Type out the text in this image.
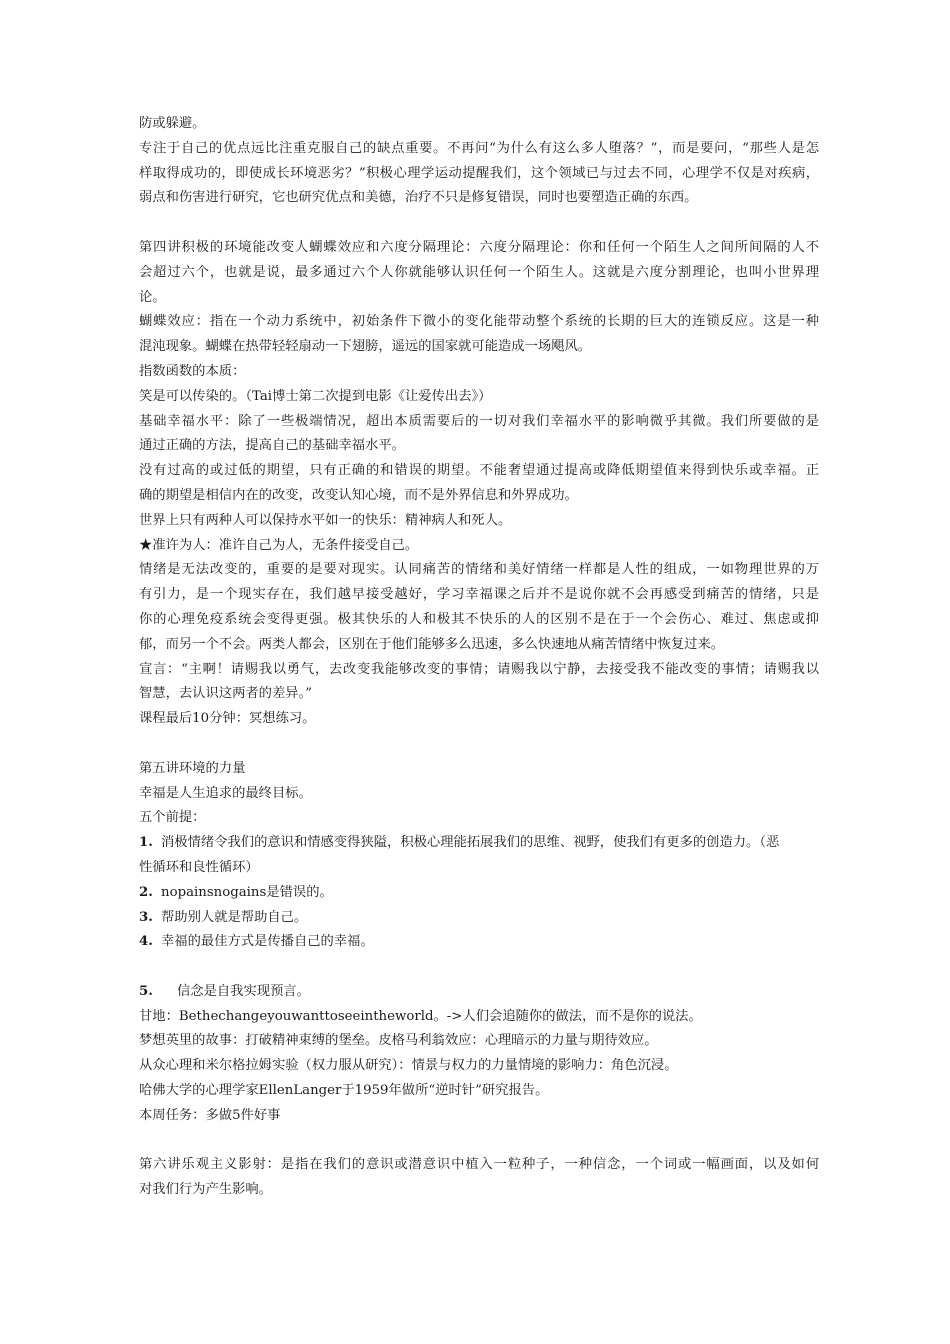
防或躲避。
专注于自己的优点远比注重克服自己的缺点重要。不再问“为什么有这么多人堕落？”，而是要问，“那些人是怎
样取得成功的，即使成长环境恶劣？”积极心理学运动提醒我们，这个领域已与过去不同，心理学不仅是对疾病，
弱点和伤害进行研究，它也研究优点和美德，治疗不只是修复错误，同时也要塑造正确的东西。
第四讲积极的环境能改变人蝴蝶效应和六度分隔理论：六度分隔理论：你和任何一个陌生人之间所间隔的人不
会超过六个，也就是说，最多通过六个人你就能够认识任何一个陌生人。这就是六度分割理论，也叫小世界理
论。
蝴蝶效应：指在一个动力系统中，初始条件下微小的变化能带动整个系统的长期的巨大的连锁反应。这是一种
混沌现象。蝴蝶在热带轻轻扇动一下翅膀，遥远的国家就可能造成一场飓风。
指数函数的本质：
笑是可以传染的。（Tai博士第二次提到电影《让爱传出去》）
基础幸福水平：除了一些极端情况，超出本质需要后的一切对我们幸福水平的影响微乎其微。我们所要做的是
通过正确的方法，提高自己的基础幸福水平。
没有过高的或过低的期望，只有正确的和错误的期望。不能奢望通过提高或降低期望值来得到快乐或幸福。正
确的期望是相信内在的改变，改变认知心境，而不是外界信息和外界成功。
世界上只有两种人可以保持水平如一的快乐：精神病人和死人。
★准许为人：准许自己为人，无条件接受自己。
情绪是无法改变的，重要的是要对现实。认同痛苦的情绪和美好情绪一样都是人性的组成，一如物理世界的万
有引力，是一个现实存在，我们越早接受越好，学习幸福课之后并不是说你就不会再感受到痛苦的情绪，只是
你的心理免疫系统会变得更强。极其快乐的人和极其不快乐的人的区别不是在于一个会伤心、难过、焦虑或抑
郁，而另一个不会。两类人都会，区别在于他们能够多么迅速，多么快速地从痛苦情绪中恢复过来。
宣言：“主啊！请赐我以勇气，去改变我能够改变的事情；请赐我以宁静，去接受我不能改变的事情；请赐我以
智慧，去认识这两者的差异。”
课程最后10分钟：冥想练习。
第五讲环境的力量
幸福是人生追求的最终目标。
五个前提：
1. 消极情绪令我们的意识和情感变得狭隘，积极心理能拓展我们的思维、视野，使我们有更多的创造力。（恶
性循环和良性循环）
2. nopainsnogains是错误的。
3. 帮助别人就是帮助自己。
4. 幸福的最佳方式是传播自己的幸福。
5. 信念是自我实现预言。
甘地：Bethechangeyouwanttoseeintheworld。->人们会追随你的做法，而不是你的说法。
梦想英里的故事：打破精神束缚的堡垒。皮格马利翁效应：心理暗示的力量与期待效应。
从众心理和米尔格拉姆实验（权力服从研究）：情景与权力的力量情境的影响力：角色沉浸。
哈佛大学的心理学家EllenLanger于1959年做所“逆时针”研究报告。
本周任务：多做5件好事
第六讲乐观主义影射：是指在我们的意识或潜意识中植入一粒种子，一种信念，一个词或一幅画面，以及如何
对我们行为产生影响。
